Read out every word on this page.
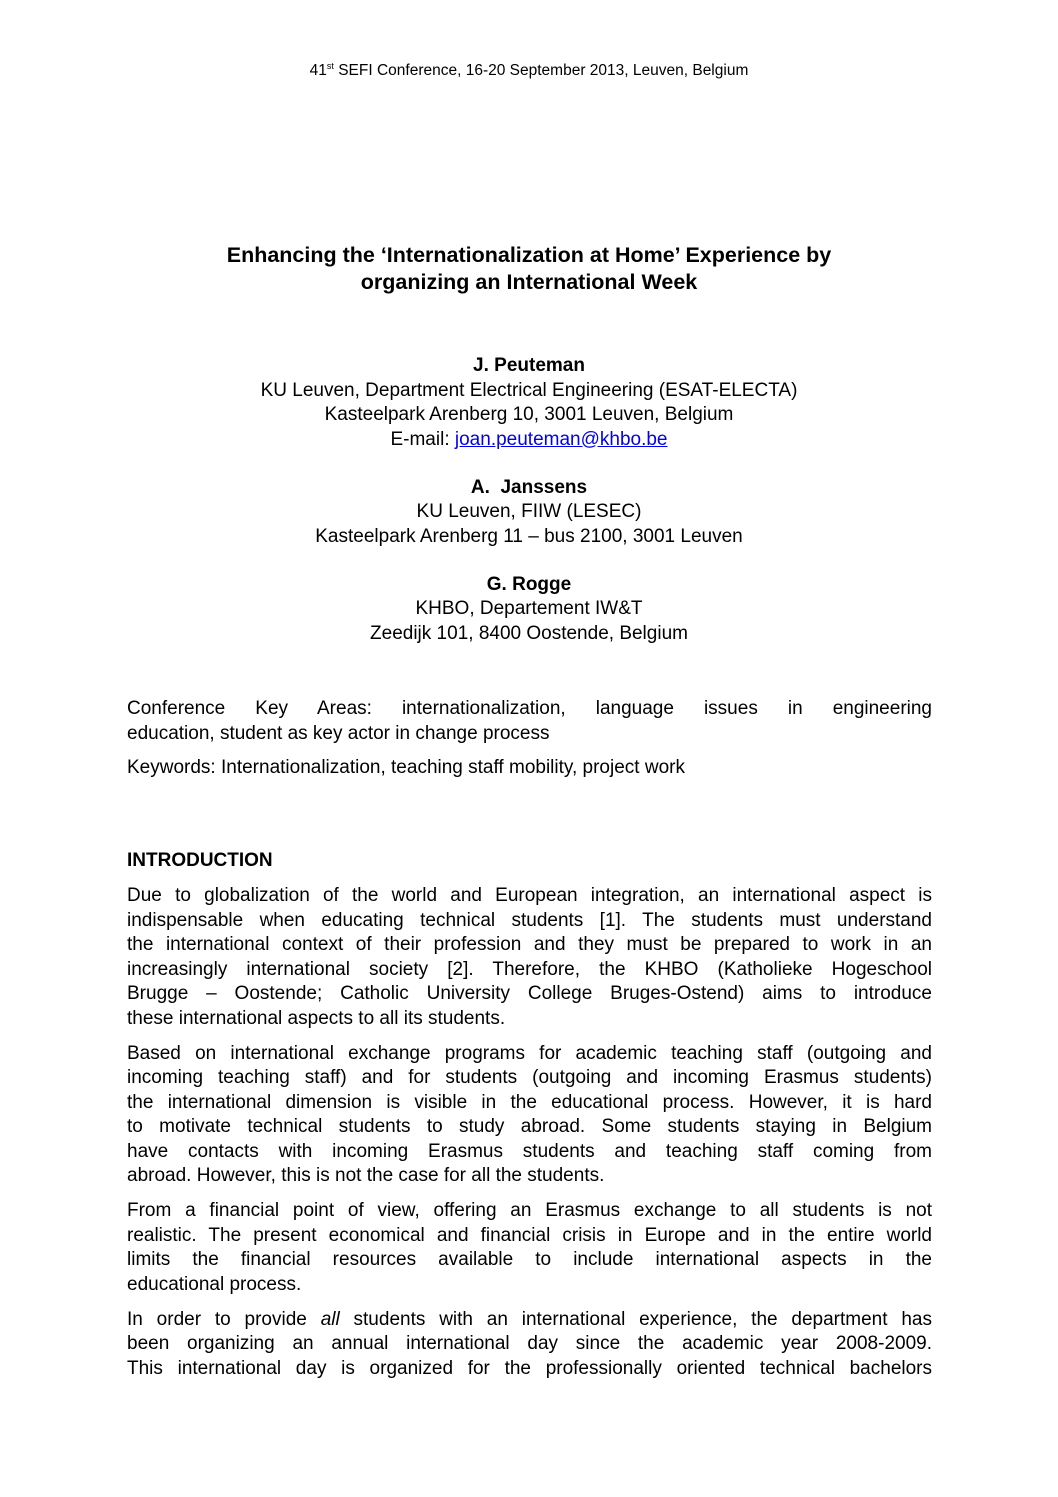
41st SEFI Conference, 16-20 September 2013, Leuven, Belgium
Enhancing the ‘Internationalization at Home’ Experience by
organizing an International Week
J. Peuteman
KU Leuven, Department Electrical Engineering (ESAT-ELECTA)
Kasteelpark Arenberg 10, 3001 Leuven, Belgium
E-mail: joan.peuteman@khbo.be
A.  Janssens
KU Leuven, FIIW (LESEC)
Kasteelpark Arenberg 11 – bus 2100, 3001 Leuven
G. Rogge
KHBO, Departement IW&T
Zeedijk 101, 8400 Oostende, Belgium
Conference Key Areas: internationalization, language issues in engineering
education, student as key actor in change process
Keywords: Internationalization, teaching staff mobility, project work
INTRODUCTION
Due to globalization of the world and European integration, an international aspect is
indispensable when educating technical students [1]. The students must understand
the international context of their profession and they must be prepared to work in an
increasingly international society [2]. Therefore, the KHBO (Katholieke Hogeschool
Brugge – Oostende; Catholic University College Bruges-Ostend) aims to introduce
these international aspects to all its students.
Based on international exchange programs for academic teaching staff (outgoing and
incoming teaching staff) and for students (outgoing and incoming Erasmus students)
the international dimension is visible in the educational process. However, it is hard
to motivate technical students to study abroad. Some students staying in Belgium
have contacts with incoming Erasmus students and teaching staff coming from
abroad. However, this is not the case for all the students.
From a financial point of view, offering an Erasmus exchange to all students is not
realistic. The present economical and financial crisis in Europe and in the entire world
limits the financial resources available to include international aspects in the
educational process.
In order to provide all students with an international experience, the department has
been organizing an annual international day since the academic year 2008-2009.
This international day is organized for the professionally oriented technical bachelors
